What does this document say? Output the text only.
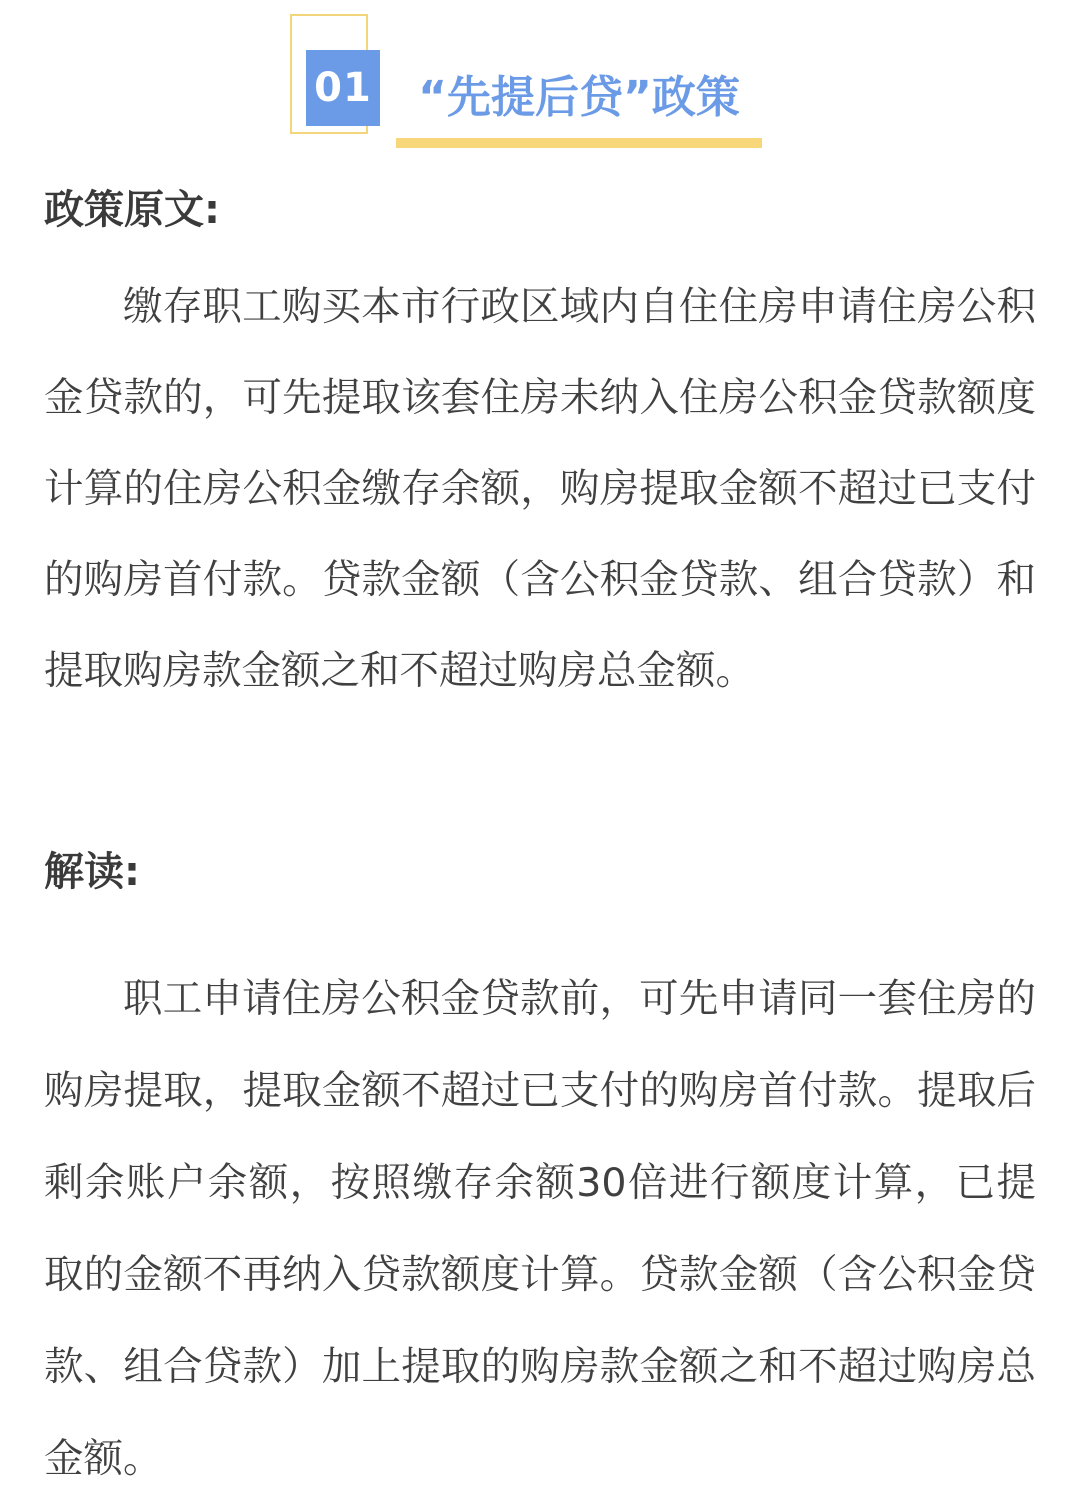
01	“先提后贷”政策
政策原文:

缴存职工购买本市行政区域内自住住房申请住房公积金贷款的，可先提取该套住房未纳入住房公积金贷款额度计算的住房公积金缴存余额，购房提取金额不超过已支付的购房首付款。贷款金额（含公积金贷款、组合贷款）和提取购房款金额之和不超过购房总金额。

解读:

职工申请住房公积金贷款前，可先申请同一套住房的购房提取，提取金额不超过已支付的购房首付款。提取后剩余账户余额，按照缴存余额30倍进行额度计算，已提取的金额不再纳入贷款额度计算。贷款金额（含公积金贷款、组合贷款）加上提取的购房款金额之和不超过购房总金额。
